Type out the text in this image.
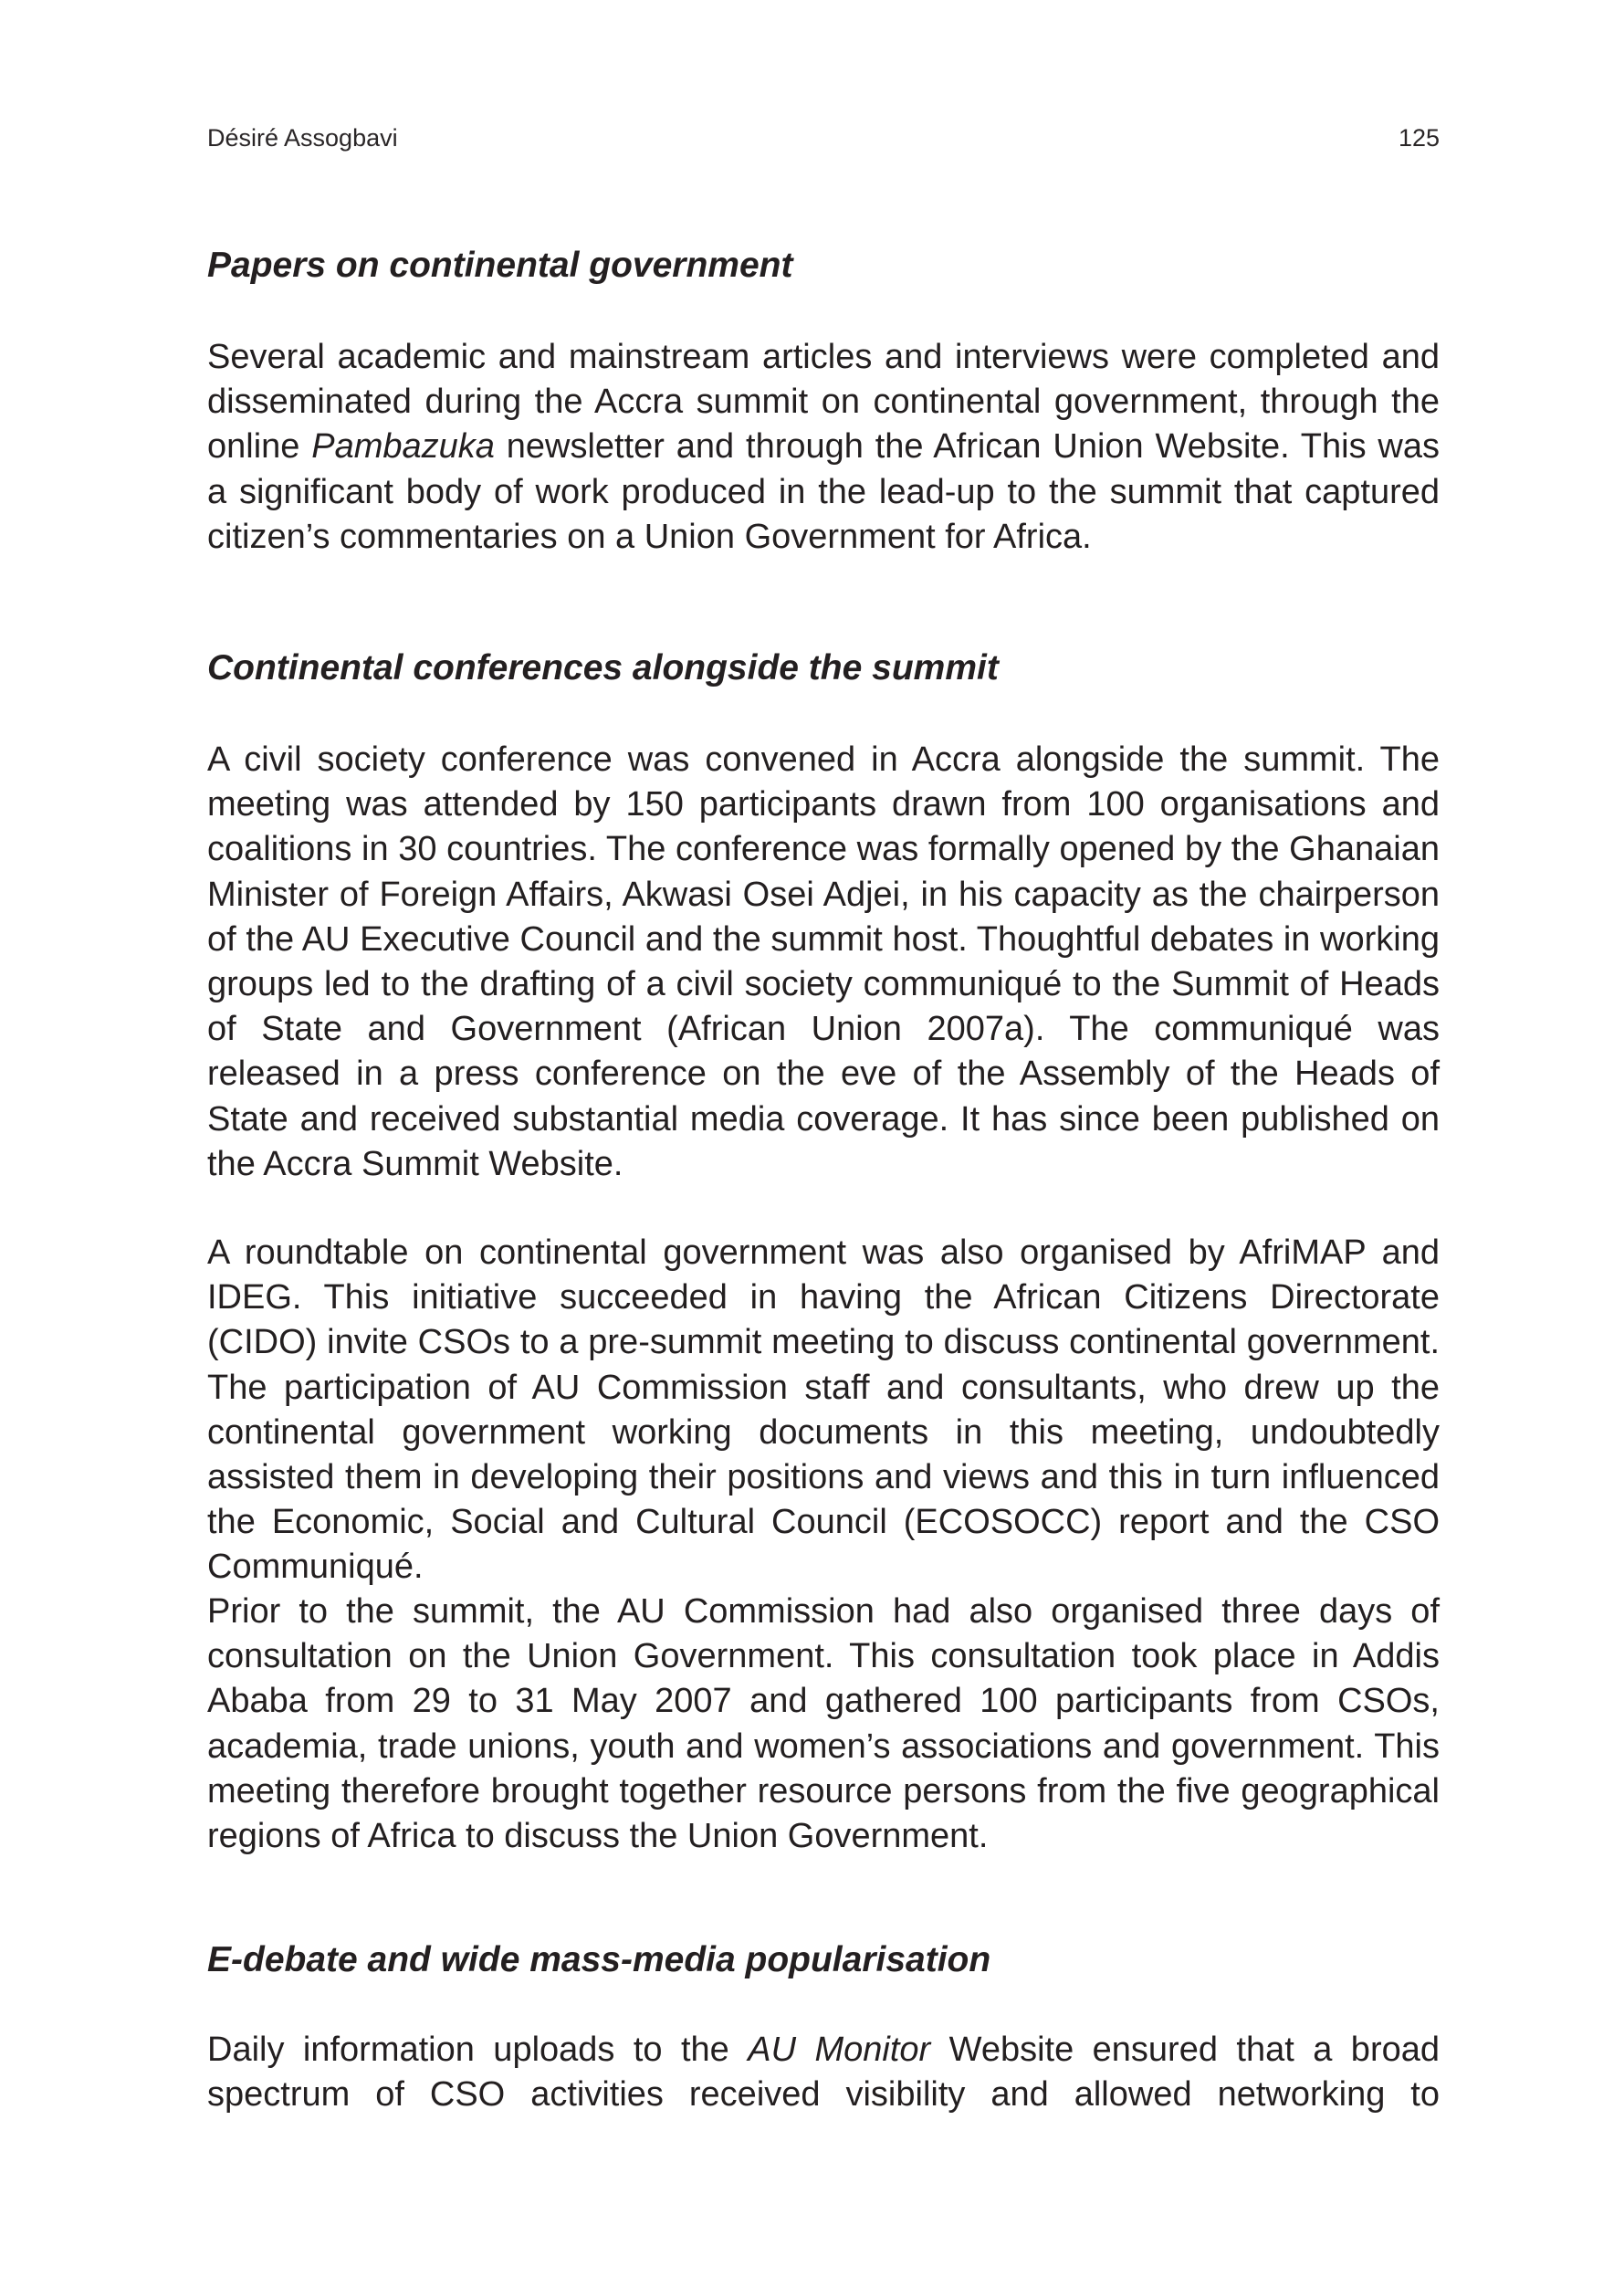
Désiré Assogbavi	125
Papers on continental government

Several academic and mainstream articles and interviews were completed and disseminated during the Accra summit on continental government, through the online Pambazuka newsletter and through the African Union Website. This was a significant body of work produced in the lead-up to the summit that captured citizen’s commentaries on a Union Government for Africa.

Continental conferences alongside the summit

A civil society conference was convened in Accra alongside the summit. The meeting was attended by 150 participants drawn from 100 organisations and coalitions in 30 countries. The conference was formally opened by the Ghanaian Minister of Foreign Affairs, Akwasi Osei Adjei, in his capacity as the chairperson of the AU Executive Council and the summit host. Thoughtful debates in working groups led to the drafting of a civil society communiqué to the Summit of Heads of State and Government (African Union 2007a). The communiqué was released in a press conference on the eve of the Assembly of the Heads of State and received substantial media coverage. It has since been published on the Accra Summit Website.

A roundtable on continental government was also organised by AfriMAP and IDEG. This initiative succeeded in having the African Citizens Directorate (CIDO) invite CSOs to a pre-summit meeting to discuss continental government. The participation of AU Commission staff and consultants, who drew up the continental government working documents in this meeting, undoubtedly assisted them in developing their positions and views and this in turn influenced the Economic, Social and Cultural Council (ECOSOCC) report and the CSO Communiqué.

Prior to the summit, the AU Commission had also organised three days of consultation on the Union Government. This consultation took place in Addis Ababa from 29 to 31 May 2007 and gathered 100 participants from CSOs, academia, trade unions, youth and women’s associations and government. This meeting therefore brought together resource persons from the five geographical regions of Africa to discuss the Union Government.

E-debate and wide mass-media popularisation

Daily information uploads to the AU Monitor Website ensured that a broad spectrum of CSO activities received visibility and allowed networking to
